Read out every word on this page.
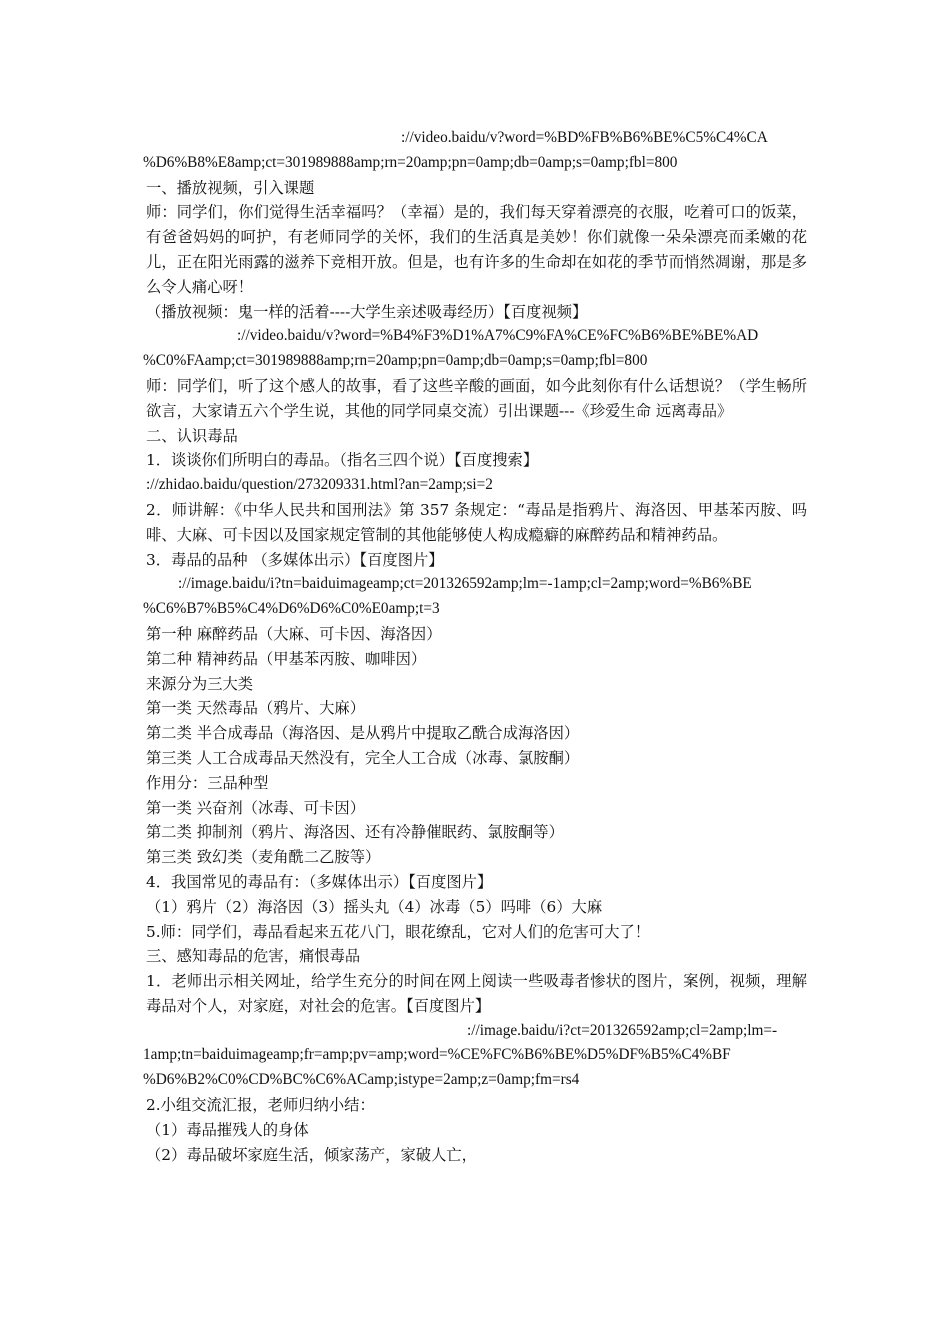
://video.baidu/v?word=%BD%FB%B6%BE%C5%C4%CA
%D6%B8%E8amp;ct=301989888amp;rn=20amp;pn=0amp;db=0amp;s=0amp;fbl=800
一、播放视频，引入课题
师：同学们，你们觉得生活幸福吗？（幸福）是的，我们每天穿着漂亮的衣服，吃着可口的饭菜，有爸爸妈妈的呵护，有老师同学的关怀，我们的生活真是美妙！你们就像一朵朵漂亮而柔嫩的花儿，正在阳光雨露的滋养下竞相开放。但是，也有许多的生命却在如花的季节而悄然凋谢，那是多么令人痛心呀！
（播放视频：鬼一样的活着----大学生亲述吸毒经历）【百度视频】
://video.baidu/v?word=%B4%F3%D1%A7%C9%FA%CE%FC%B6%BE%BE%AD
%C0%FAamp;ct=301989888amp;rn=20amp;pn=0amp;db=0amp;s=0amp;fbl=800
师：同学们，听了这个感人的故事，看了这些辛酸的画面，如今此刻你有什么话想说？（学生畅所欲言，大家请五六个学生说，其他的同学同桌交流）引出课题---《珍爱生命 远离毒品》
二、认识毒品
1．谈谈你们所明白的毒品。（指名三四个说）【百度搜索】
://zhidao.baidu/question/273209331.html?an=2amp;si=2
2．师讲解：《中华人民共和国刑法》第 357 条规定：“毒品是指鸦片、海洛因、甲基苯丙胺、吗啡、大麻、可卡因以及国家规定管制的其他能够使人构成瘾癖的麻醉药品和精神药品。
3．毒品的品种 （多媒体出示）【百度图片】
://image.baidu/i?tn=baiduimageamp;ct=201326592amp;lm=-1amp;cl=2amp;word=%B6%BE
%C6%B7%B5%C4%D6%D6%C0%E0amp;t=3
第一种 麻醉药品（大麻、可卡因、海洛因）
第二种 精神药品（甲基苯丙胺、咖啡因）
来源分为三大类
第一类 天然毒品（鸦片、大麻）
第二类 半合成毒品（海洛因、是从鸦片中提取乙酰合成海洛因）
第三类 人工合成毒品天然没有，完全人工合成（冰毒、氯胺酮）
作用分：三品种型
第一类 兴奋剂（冰毒、可卡因）
第二类 抑制剂（鸦片、海洛因、还有冷静催眠药、氯胺酮等）
第三类 致幻类（麦角酰二乙胺等）
4．我国常见的毒品有：（多媒体出示）【百度图片】
（1）鸦片（2）海洛因（3）摇头丸（4）冰毒（5）吗啡（6）大麻
5.师：同学们，毒品看起来五花八门，眼花缭乱，它对人们的危害可大了！
三、感知毒品的危害，痛恨毒品
1．老师出示相关网址，给学生充分的时间在网上阅读一些吸毒者惨状的图片，案例，视频，理解毒品对个人，对家庭，对社会的危害。【百度图片】
://image.baidu/i?ct=201326592amp;cl=2amp;lm=-
1amp;tn=baiduimageamp;fr=amp;pv=amp;word=%CE%FC%B6%BE%D5%DF%B5%C4%BF
%D6%B2%C0%CD%BC%C6%ACamp;istype=2amp;z=0amp;fm=rs4
2.小组交流汇报，老师归纳小结：
（1）毒品摧残人的身体
（2）毒品破坏家庭生活，倾家荡产，家破人亡，
